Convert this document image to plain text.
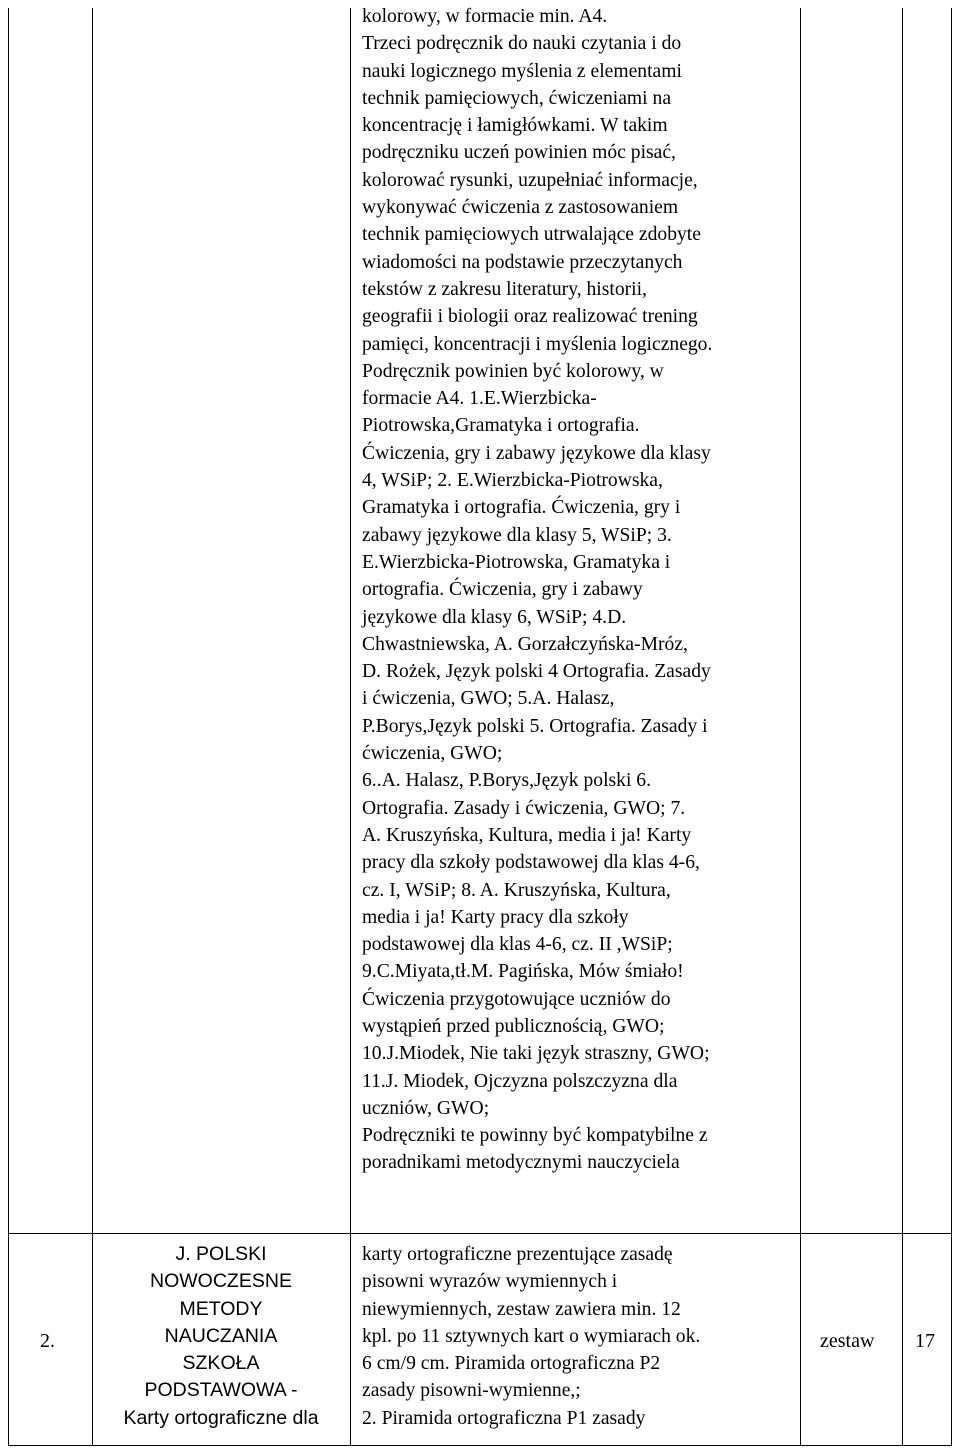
kolorowy, w formacie min. A4.
Trzeci podręcznik do nauki czytania i do
nauki logicznego myślenia z elementami
technik pamięciowych, ćwiczeniami na
koncentrację i łamigłówkami. W takim
podręczniku uczeń powinien móc pisać,
kolorować rysunki, uzupełniać informacje,
wykonywać ćwiczenia z zastosowaniem
technik pamięciowych utrwalające zdobyte
wiadomości na podstawie przeczytanych
tekstów z zakresu literatury, historii,
geografii i biologii oraz realizować trening
pamięci, koncentracji i myślenia logicznego.
Podręcznik powinien być kolorowy, w
formacie A4. 1.E.Wierzbicka-
Piotrowska,Gramatyka i ortografia.
Ćwiczenia, gry i zabawy językowe dla klasy
4, WSiP; 2. E.Wierzbicka-Piotrowska,
Gramatyka i ortografia. Ćwiczenia, gry i
zabawy językowe dla klasy 5, WSiP; 3.
E.Wierzbicka-Piotrowska, Gramatyka i
ortografia. Ćwiczenia, gry i zabawy
językowe dla klasy 6, WSiP; 4.D.
Chwastniewska, A. Gorzałczyńska-Mróz,
D. Rożek, Język polski 4 Ortografia. Zasady
i ćwiczenia, GWO; 5.A. Halasz,
P.Borys,Język polski 5. Ortografia. Zasady i
ćwiczenia, GWO;
6..A. Halasz, P.Borys,Język polski 6.
Ortografia. Zasady i ćwiczenia, GWO; 7.
A. Kruszyńska, Kultura, media i ja! Karty
pracy dla szkoły podstawowej dla klas 4-6,
cz. I, WSiP; 8. A. Kruszyńska, Kultura,
media i ja! Karty pracy dla szkoły
podstawowej dla klas 4-6, cz. II ,WSiP;
9.C.Miyata,tł.M. Pagińska, Mów śmiało!
Ćwiczenia przygotowujące uczniów do
wystąpień przed publicznością, GWO;
10.J.Miodek, Nie taki język straszny, GWO;
11.J. Miodek, Ojczyzna polszczyzna dla
uczniów, GWO;
Podręczniki te powinny być kompatybilne z
poradnikami metodycznymi nauczyciela

2.

J. POLSKI
NOWOCZESNE
METODY
NAUCZANIA
SZKOŁA
PODSTAWOWA -
Karty ortograficzne dla

karty ortograficzne prezentujące zasadę
pisowni wyrazów wymiennych i
niewymiennych, zestaw zawiera min. 12
kpl. po 11 sztywnych kart o wymiarach ok.
6 cm/9 cm. Piramida ortograficzna P2
zasady pisowni-wymienne,;
2. Piramida ortograficzna P1 zasady

zestaw 17
